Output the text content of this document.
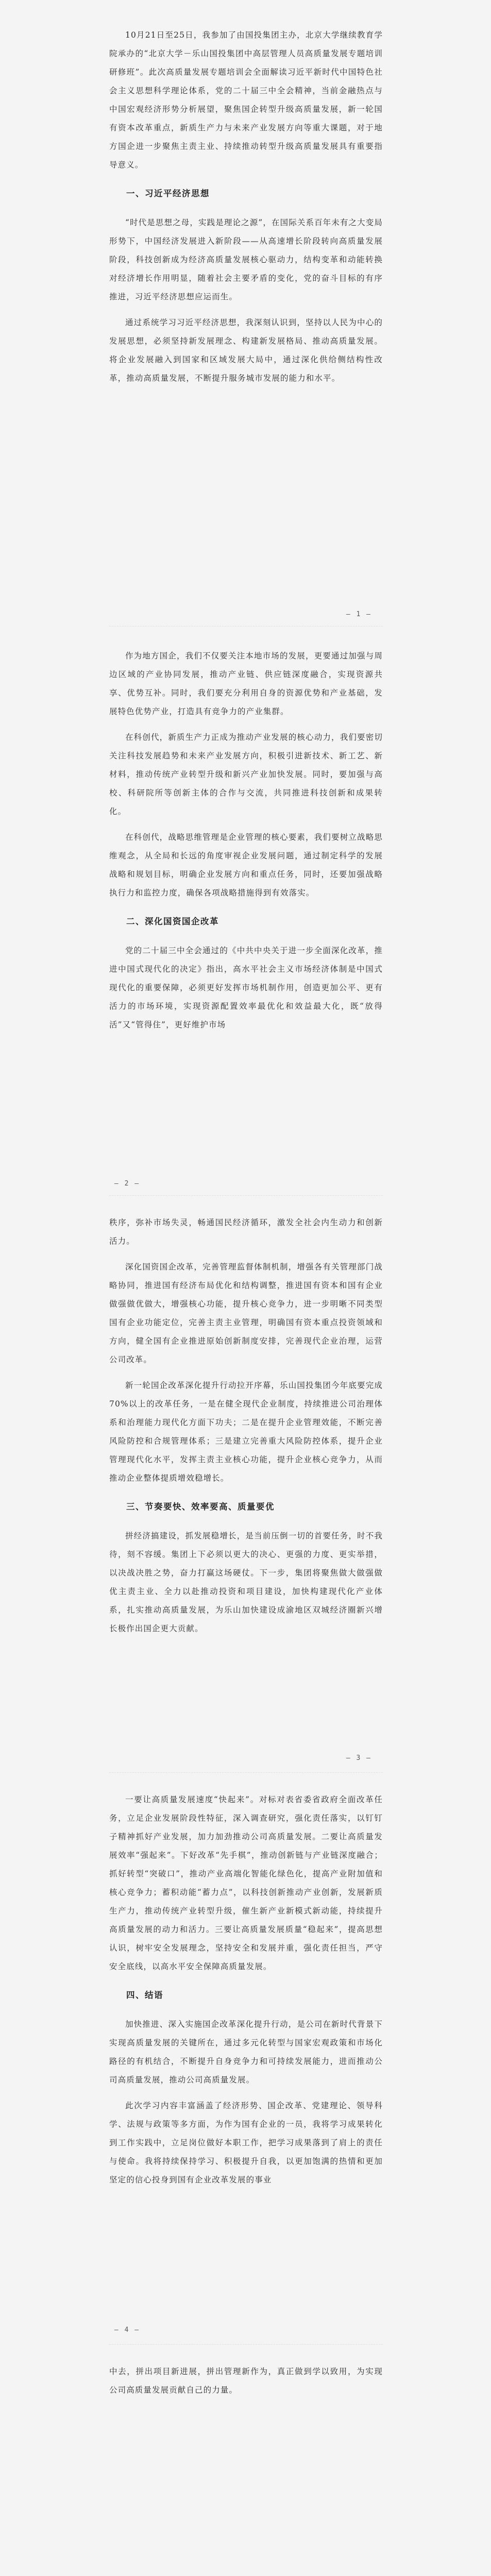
10月21日至25日，我参加了由国投集团主办，北京大学继续教育学院承办的“北京大学－乐山国投集团中高层管理人员高质量发展专题培训研修班”。此次高质量发展专题培训会全面解读习近平新时代中国特色社会主义思想科学理论体系，党的二十届三中全会精神，当前金融热点与中国宏观经济形势分析展望，聚焦国企转型升级高质量发展，新一轮国有资本改革重点，新质生产力与未来产业发展方向等重大课题，对于地方国企进一步聚焦主责主业、持续推动转型升级高质量发展具有重要指导意义。

一、习近平经济思想

“时代是思想之母，实践是理论之源”，在国际关系百年未有之大变局形势下，中国经济发展进入新阶段——从高速增长阶段转向高质量发展阶段，科技创新成为经济高质量发展核心驱动力，结构变革和动能转换对经济增长作用明显，随着社会主要矛盾的变化，党的奋斗目标的有序推进，习近平经济思想应运而生。

通过系统学习习近平经济思想，我深刻认识到，坚持以人民为中心的发展思想，必须坚持新发展理念、构建新发展格局、推动高质量发展。将企业发展融入到国家和区域发展大局中，通过深化供给侧结构性改革，推动高质量发展，不断提升服务城市发展的能力和水平。

— 1 —

作为地方国企，我们不仅要关注本地市场的发展，更要通过加强与周边区域的产业协同发展，推动产业链、供应链深度融合，实现资源共享、优势互补。同时，我们要充分利用自身的资源优势和产业基础，发展特色优势产业，打造具有竞争力的产业集群。

在科创代，新质生产力正成为推动产业发展的核心动力，我们要密切关注科技发展趋势和未来产业发展方向，积极引进新技术、新工艺、新材料，推动传统产业转型升级和新兴产业加快发展。同时，要加强与高校、科研院所等创新主体的合作与交流，共同推进科技创新和成果转化。

在科创代，战略思维管理是企业管理的核心要素，我们要树立战略思维观念，从全局和长远的角度审视企业发展问题，通过制定科学的发展战略和规划目标，明确企业发展方向和重点任务，同时，还要加强战略执行力和监控力度，确保各项战略措施得到有效落实。

二、深化国资国企改革

党的二十届三中全会通过的《中共中央关于进一步全面深化改革，推进中国式现代化的决定》指出，高水平社会主义市场经济体制是中国式现代化的重要保障，必须更好发挥市场机制作用，创造更加公平、更有活力的市场环境，实现资源配置效率最优化和效益最大化，既“放得活”又“管得住”，更好维护市场

— 2 —

秩序，弥补市场失灵，畅通国民经济循环，激发全社会内生动力和创新活力。

深化国资国企改革，完善管理监督体制机制，增强各有关管理部门战略协同，推进国有经济布局优化和结构调整，推进国有资本和国有企业做强做优做大，增强核心功能，提升核心竞争力，进一步明晰不同类型国有企业功能定位，完善主责主业管理，明确国有资本重点投资领域和方向，健全国有企业推进原始创新制度安排，完善现代企业治理，运营公司改革。

新一轮国企改革深化提升行动拉开序幕，乐山国投集团今年底要完成70%以上的改革任务，一是在健全现代企业制度，持续推进公司治理体系和治理能力现代化方面下功夫；二是在提升企业管理效能，不断完善风险防控和合规管理体系；三是建立完善重大风险防控体系，提升企业管理现代化水平，发挥主责主业核心功能，提升企业核心竞争力，从而推动企业整体提质增效稳增长。

三、节奏要快、效率要高、质量要优

拼经济搞建设，抓发展稳增长，是当前压倒一切的首要任务，时不我待，刻不容缓。集团上下必须以更大的决心、更强的力度、更实举措，以决战决胜之势，奋力打赢这场硬仗。下一步，集团将聚焦做大做强做优主责主业、全力以赴推动投资和项目建设，加快构建现代化产业体系，扎实推动高质量发展，为乐山加快建设成渝地区双城经济圈新兴增长极作出国企更大贡献。

— 3 —

一要让高质量发展速度“快起来”。对标对表省委省政府全面改革任务，立足企业发展阶段性特征，深入调查研究，强化责任落实，以钉钉子精神抓好产业发展，加力加劲推动公司高质量发展。二要让高质量发展效率“强起来”。下好改革“先手棋”，推动创新链与产业链深度融合；抓好转型“突破口”，推动产业高端化智能化绿色化，提高产业附加值和核心竞争力；蓄积动能“蓄力点”，以科技创新推动产业创新，发展新质生产力，推动传统产业转型升级，催生新产业新模式新动能，持续提升高质量发展的动力和活力。三要让高质量发展质量“稳起来”，提高思想认识，树牢安全发展理念，坚持安全和发展并重，强化责任担当，严守安全底线，以高水平安全保障高质量发展。

四、结语

加快推进、深入实施国企改革深化提升行动，是公司在新时代背景下实现高质量发展的关键所在，通过多元化转型与国家宏观政策和市场化路径的有机结合，不断提升自身竞争力和可持续发展能力，进而推动公司高质量发展，推动公司高质量发展。

此次学习内容丰富涵盖了经济形势、国企改革、党建理论、领导科学、法规与政策等多方面，为作为国有企业的一员，我将学习成果转化到工作实践中，立足岗位做好本职工作，把学习成果落到了肩上的责任与使命。我将持续保持学习、积极提升自我，以更加饱满的热情和更加坚定的信心投身到国有企业改革发展的事业

— 4 —

中去，拼出项目新进展，拼出管理新作为，真正做到学以致用，为实现公司高质量发展贡献自己的力量。
